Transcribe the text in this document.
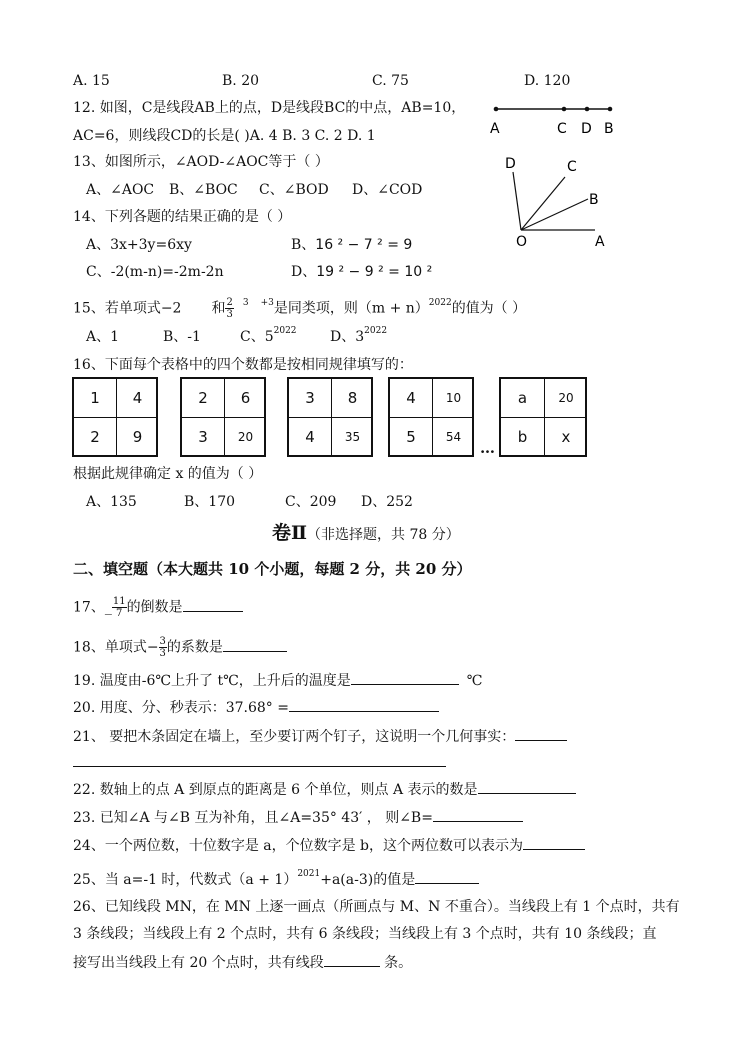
A. 15	B. 20	C. 75	D. 120
12. 如图，C是线段AB上的点，D是线段BC的中点，AB=10，
AC=6，则线段CD的长是( )A. 4 B. 3 C. 2 D. 1	A	C D B
13、如图所示，∠AOD-∠AOC等于（ ）
A、∠AOC B、∠BOC C、∠BOD D、∠COD
D	C
B
O	A
14、下列各题的结果正确的是（ ）
A、3x+3y=6xy	B、16 ² − 7 ² = 9
C、-2(m-n)=-2m-2n	D、19 ² − 9 ² = 10 ²
15、若单项式−2 和 $\frac{2}{3} ^3$ $^{+3}$是同类项，则$(m + n)^{2022}$的值为（ ）
A、1	B、-1	C、$5^{2022}$ D、$3^{2022}$
16、下面每个表格中的四个数都是按相同规律填写的：
1	4
2	9
2	6
3	20
3	8
4	35
4	10
5	54
…
a	20
b	x
根据此规律确定 x 的值为（ ）
A、135	B、170	C、209 D、252
卷Ⅱ（非选择题，共 78 分）
二、填空题（本大题共 10 个小题，每题 2 分，共 20 分）
17、_ $\frac{11}{7}$ 的倒数是
18、单项式− $\frac{3}{3}$ 的系数是
19. 温度由-6℃上升了 t℃，上升后的温度是	℃
20. 用度、分、秒表示：37.68° =
21、 要把木条固定在墙上，至少要订两个钉子，这说明一个几何事实：
22. 数轴上的点 A 到原点的距离是 6 个单位，则点 A 表示的数是
23. 已知∠A 与∠B 互为补角，且∠A=35° 43′ ， 则∠B=
24、一个两位数，十位数字是 a，个位数字是 b，这个两位数可以表示为
25、当 a=-1 时，代数式$(a + 1)^{2021}+a(a-3)$的值是
26、已知线段 MN，在 MN 上逐一画点（所画点与 M、N 不重合）。当线段上有 1 个点时，共有
3 条线段；当线段上有 2 个点时，共有 6 条线段；当线段上有 3 个点时，共有 10 条线段；直
接写出当线段上有 20 个点时，共有线段	条。
